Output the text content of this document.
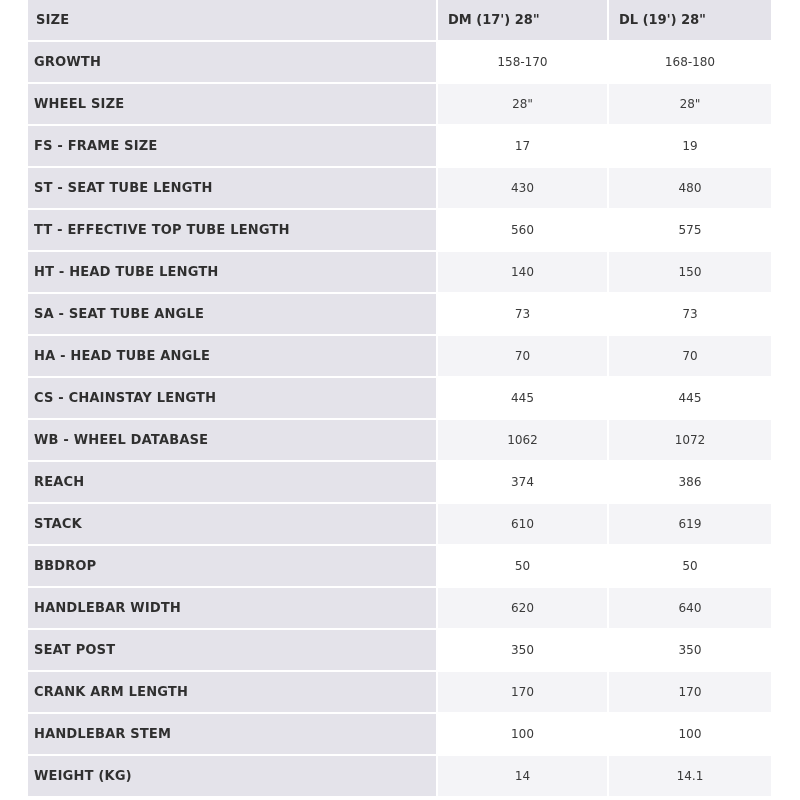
SIZE	DM (17') 28"	DL (19') 28"
GROWTH	158-170	168-180
WHEEL SIZE	28"	28"
FS - FRAME SIZE	17	19
ST - SEAT TUBE LENGTH	430	480
TT - EFFECTIVE TOP TUBE LENGTH	560	575
HT - HEAD TUBE LENGTH	140	150
SA - SEAT TUBE ANGLE	73	73
HA - HEAD TUBE ANGLE	70	70
CS - CHAINSTAY LENGTH	445	445
WB - WHEEL DATABASE	1062	1072
REACH	374	386
STACK	610	619
BBDROP	50	50
HANDLEBAR WIDTH	620	640
SEAT POST	350	350
CRANK ARM LENGTH	170	170
HANDLEBAR STEM	100	100
WEIGHT (KG)	14	14.1
